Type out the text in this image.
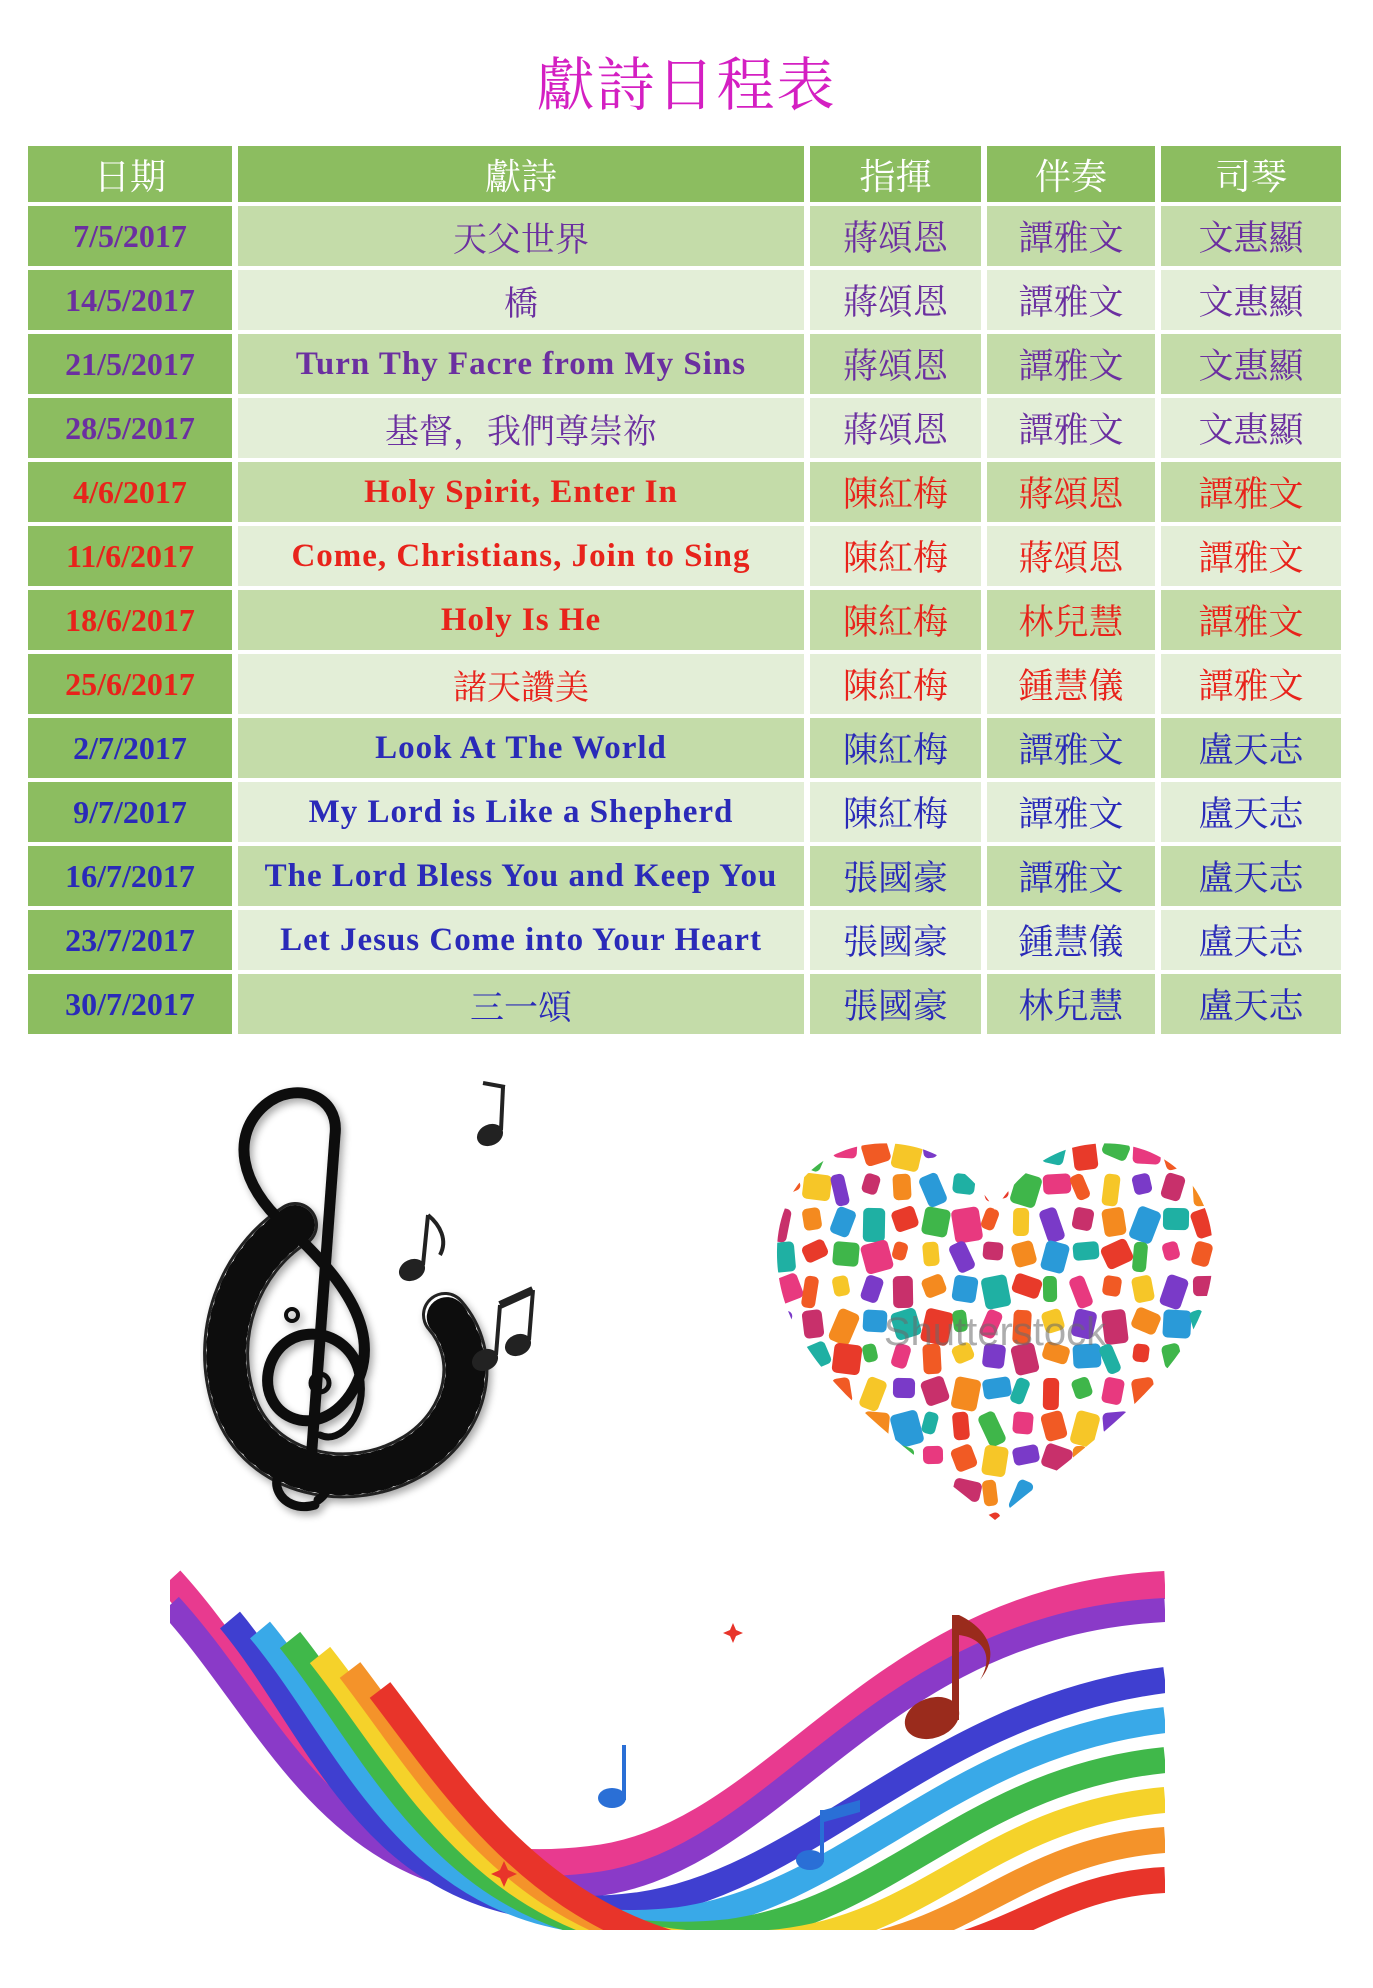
獻詩日程表
日期	獻詩	指揮	伴奏	司琴
7/5/2017	天父世界	蔣頌恩	譚雅文	文惠顯
14/5/2017	橋	蔣頌恩	譚雅文	文惠顯
21/5/2017	Turn Thy Facre from My Sins	蔣頌恩	譚雅文	文惠顯
28/5/2017	基督，我們尊崇祢	蔣頌恩	譚雅文	文惠顯
4/6/2017	Holy Spirit, Enter In	陳紅梅	蔣頌恩	譚雅文
11/6/2017	Come, Christians, Join to Sing	陳紅梅	蔣頌恩	譚雅文
18/6/2017	Holy Is He	陳紅梅	林兒慧	譚雅文
25/6/2017	諸天讚美	陳紅梅	鍾慧儀	譚雅文
2/7/2017	Look At The World	陳紅梅	譚雅文	盧天志
9/7/2017	My Lord is Like a Shepherd	陳紅梅	譚雅文	盧天志
16/7/2017	The Lord Bless You and Keep You	張國豪	譚雅文	盧天志
23/7/2017	Let Jesus Come into Your Heart	張國豪	鍾慧儀	盧天志
30/7/2017	三一頌	張國豪	林兒慧	盧天志
Shutterstock
